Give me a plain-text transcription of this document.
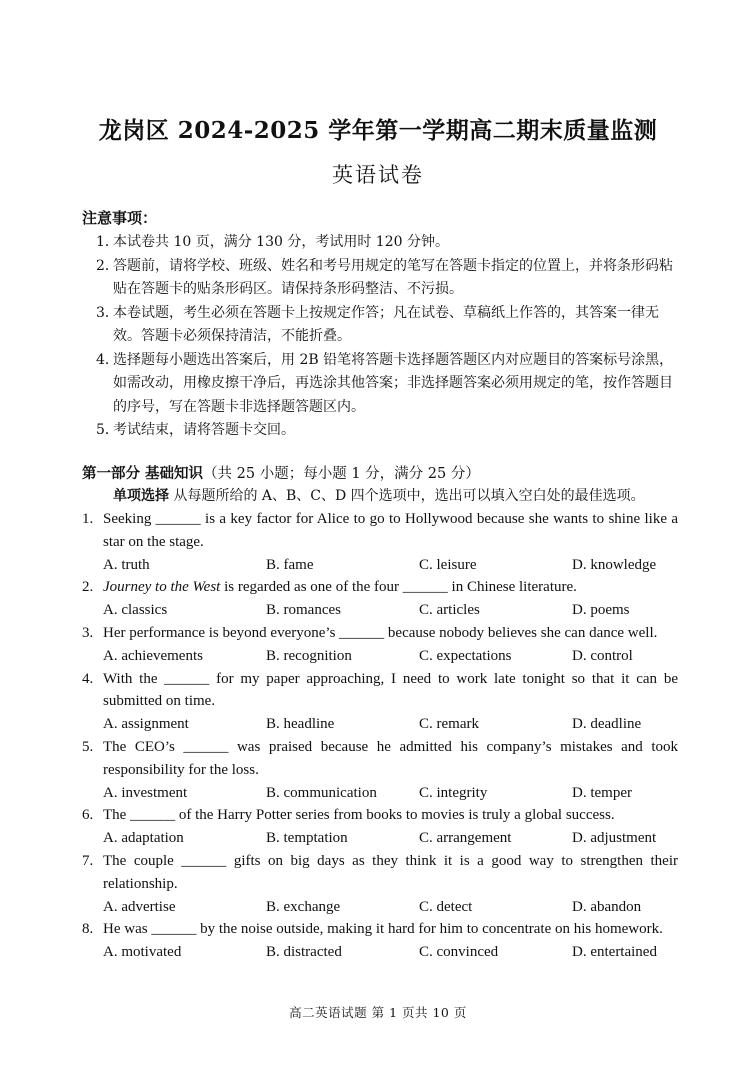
龙岗区 2024-2025 学年第一学期高二期末质量监测
英语试卷
注意事项：
1．
本试卷共 10 页，满分 130 分，考试用时 120 分钟。
2．
答题前，请将学校、班级、姓名和考号用规定的笔写在答题卡指定的位置上，并将条形码粘贴在答题卡的贴条形码区。请保持条形码整洁、不污损。
3．
本卷试题，考生必须在答题卡上按规定作答；凡在试卷、草稿纸上作答的，其答案一律无效。答题卡必须保持清洁，不能折叠。
4．
选择题每小题选出答案后，用 2B 铅笔将答题卡选择题答题区内对应题目的答案标号涂黑，如需改动，用橡皮擦干净后，再选涂其他答案；非选择题答案必须用规定的笔，按作答题目的序号，写在答题卡非选择题答题区内。
5．
考试结束，请将答题卡交回。
第一部分 基础知识（共 25 小题；每小题 1 分，满分 25 分）
单项选择 从每题所给的 A、B、C、D 四个选项中，选出可以填入空白处的最佳选项。
1. Seeking ______ is a key factor for Alice to go to Hollywood because she wants to shine like a star on the stage.
A. truth	B. fame	C. leisure	D. knowledge
2. Journey to the West is regarded as one of the four ______ in Chinese literature.
A. classics	B. romances	C. articles	D. poems
3. Her performance is beyond everyone’s ______ because nobody believes she can dance well.
A. achievements	B. recognition	C. expectations	D. control
4. With the ______ for my paper approaching, I need to work late tonight so that it can be submitted on time.
A. assignment	B. headline	C. remark	D. deadline
5. The CEO’s ______ was praised because he admitted his company’s mistakes and took responsibility for the loss.
A. investment	B. communication	C. integrity	D. temper
6. The ______ of the Harry Potter series from books to movies is truly a global success.
A. adaptation	B. temptation	C. arrangement	D. adjustment
7. The couple ______ gifts on big days as they think it is a good way to strengthen their relationship.
A. advertise	B. exchange	C. detect	D. abandon
8. He was ______ by the noise outside, making it hard for him to concentrate on his homework.
A. motivated	B. distracted	C. convinced	D. entertained
高二英语试题 第 1 页共 10 页
